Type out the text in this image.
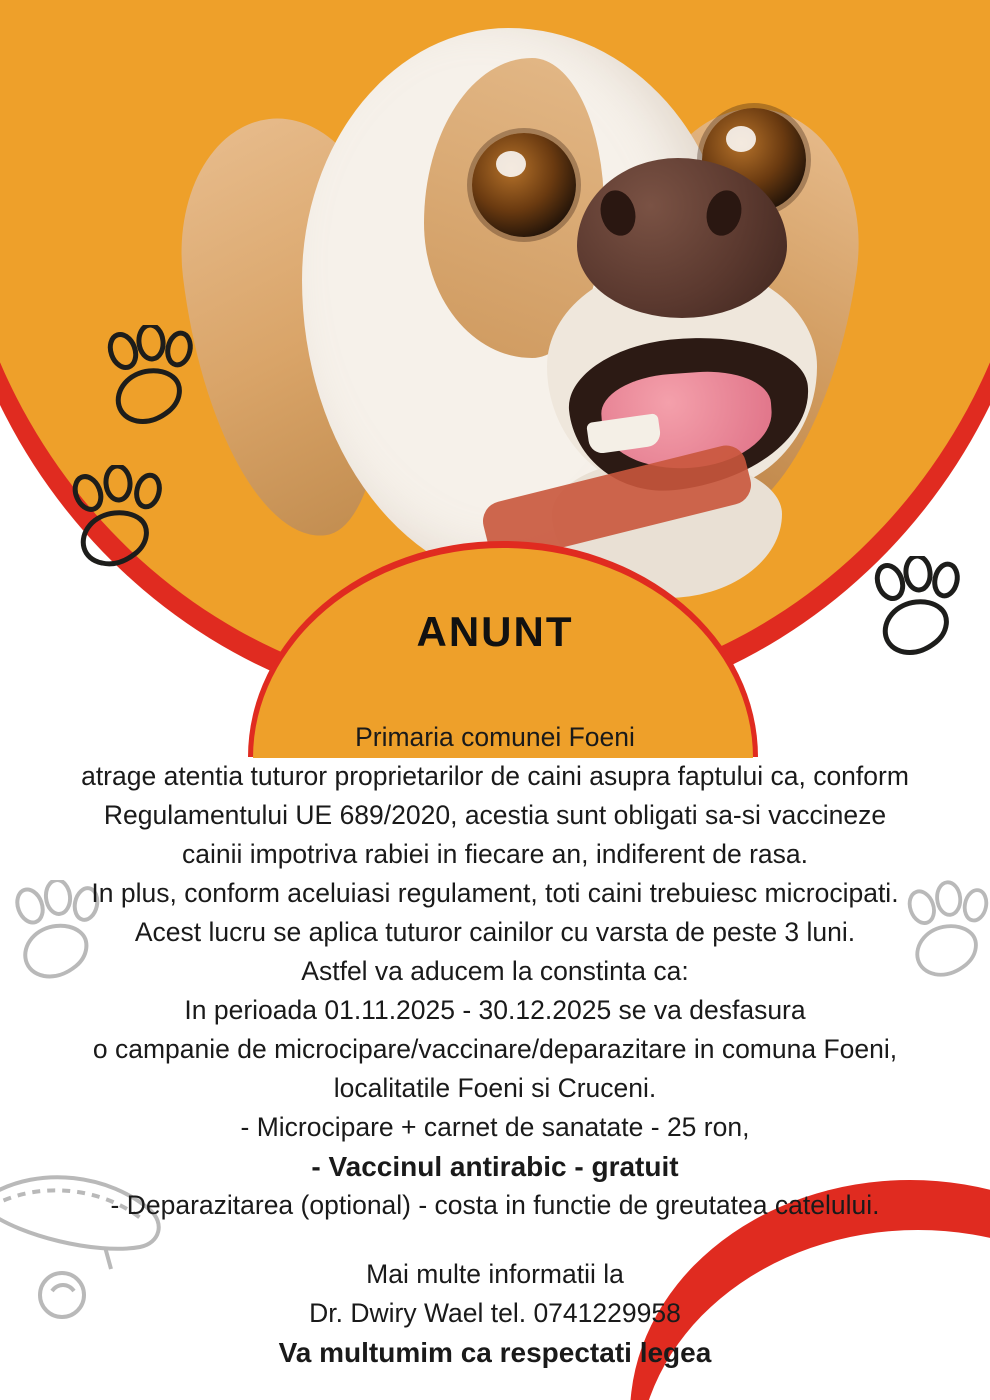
ANUNT
Primaria comunei Foeni
atrage atentia tuturor proprietarilor de caini asupra faptului ca, conform
Regulamentului UE 689/2020, acestia sunt obligati sa-si vaccineze
cainii impotriva rabiei in fiecare an, indiferent de rasa.
In plus, conform aceluiasi regulament, toti caini trebuiesc microcipati.
Acest lucru se aplica tuturor cainilor cu varsta de peste 3 luni.
Astfel va aducem la constinta ca:
In perioada 01.11.2025 - 30.12.2025 se va desfasura
o campanie de microcipare/vaccinare/deparazitare in comuna Foeni,
localitatile Foeni si Cruceni.
- Microcipare + carnet de sanatate - 25 ron,
- Vaccinul antirabic - gratuit
- Deparazitarea (optional) - costa in functie de greutatea catelului.
Mai multe informatii la
Dr. Dwiry Wael tel. 0741229958
Va multumim ca respectati legea
